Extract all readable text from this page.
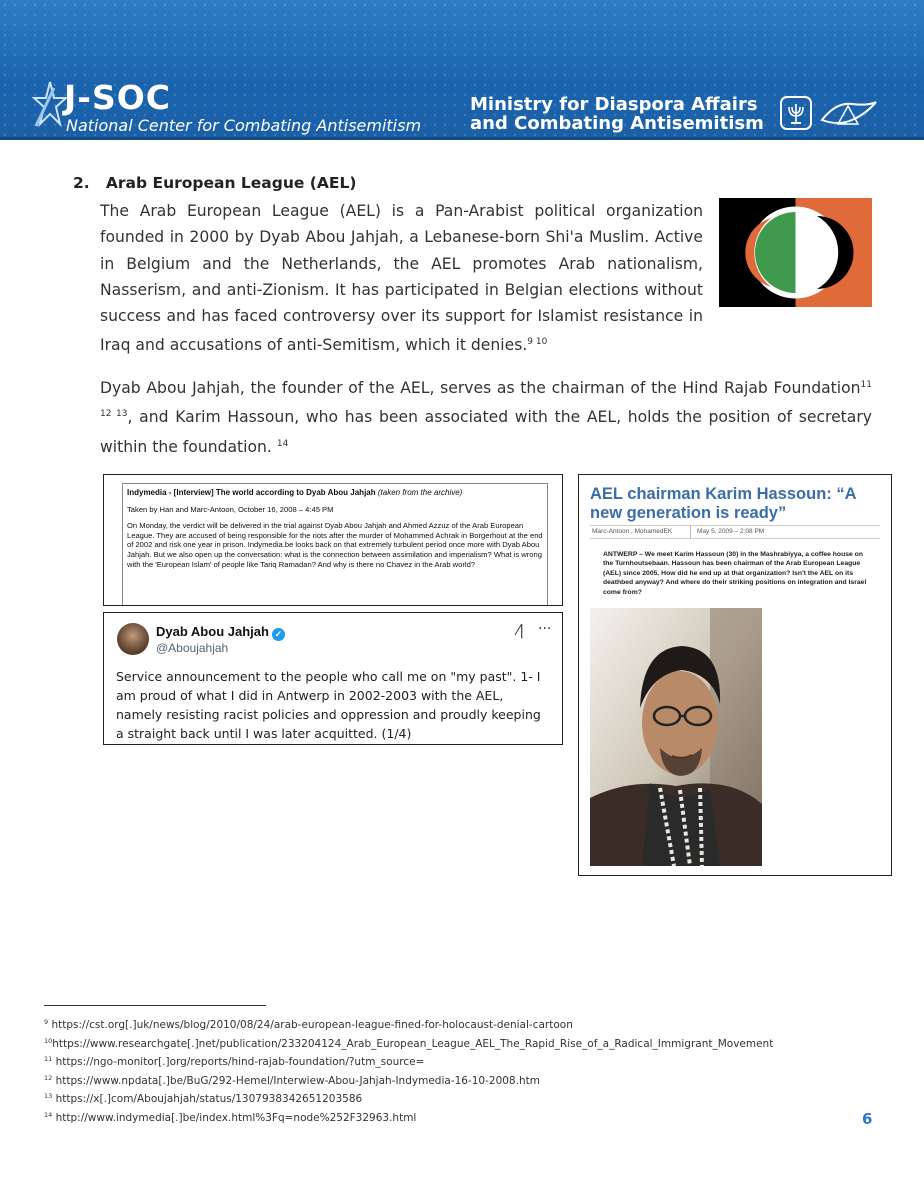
J-SOC
National Center for Combating Antisemitism
Ministry for Diaspora Affairs
and Combating Antisemitism
2. Arab European League (AEL)

The Arab European League (AEL) is a Pan-Arabist political organization founded in 2000 by Dyab Abou Jahjah, a Lebanese-born Shi'a Muslim. Active in Belgium and the Netherlands, the AEL promotes Arab nationalism, Nasserism, and anti-Zionism. It has participated in Belgian elections without success and has faced controversy over its support for Islamist resistance in Iraq and accusations of anti-Semitism, which it denies.$^{9 10}$

Dyab Abou Jahjah, the founder of the AEL, serves as the chairman of the Hind Rajab Foundation$^{11 12 13}$, and Karim Hassoun, who has been associated with the AEL, holds the position of secretary within the foundation. $^{14}$

Indymedia - [Interview] The world according to Dyab Abou Jahjah (taken from the archive)

Taken by Han and Marc-Antoon, October 16, 2008 – 4:45 PM

On Monday, the verdict will be delivered in the trial against Dyab Abou Jahjah and Ahmed Azzuz of the Arab European League. They are accused of being responsible for the riots after the murder of Mohammed Achrak in Borgerhout at the end of 2002 and risk one year in prison. Indymedia.be looks back on that extremely turbulent period once more with Dyab Abou Jahjah. But we also open up the conversation: what is the connection between assimilation and imperialism? What is wrong with the 'European Islam' of people like Tariq Ramadan? And why is there no Chavez in the Arab world?

Dyab Abou Jahjah ✓
@Aboujahjah
⁄| ···

Service announcement to the people who call me on "my past". 1- I am proud of what I did in Antwerp in 2002-2003 with the AEL, namely resisting racist policies and oppression and proudly keeping a straight back until I was later acquitted. (1/4)

AEL chairman Karim Hassoun: “A new generation is ready”
Marc-Antoon , MohamedEK	May 5, 2009 – 2:08 PM

ANTWERP – We meet Karim Hassoun (30) in the Mashrabiyya, a coffee house on the Turnhoutsebaan. Hassoun has been chairman of the Arab European League (AEL) since 2005. How did he end up at that organization? Isn't the AEL on its deathbed anyway? And where do their striking positions on integration and Israel come from?

$^9$ https://cst.org[.]uk/news/blog/2010/08/24/arab-european-league-fined-for-holocaust-denial-cartoon
$^{10}$https://www.researchgate[.]net/publication/233204124_Arab_European_League_AEL_The_Rapid_Rise_of_a_Radical_Immigrant_Movement
$^{11}$ https://ngo-monitor[.]org/reports/hind-rajab-foundation/?utm_source=
$^{12}$ https://www.npdata[.]be/BuG/292-Hemel/Interwiew-Abou-Jahjah-Indymedia-16-10-2008.htm
$^{13}$ https://x[.]com/Aboujahjah/status/1307938342651203586
$^{14}$ http://www.indymedia[.]be/index.html%3Fq=node%252F32963.html	6
